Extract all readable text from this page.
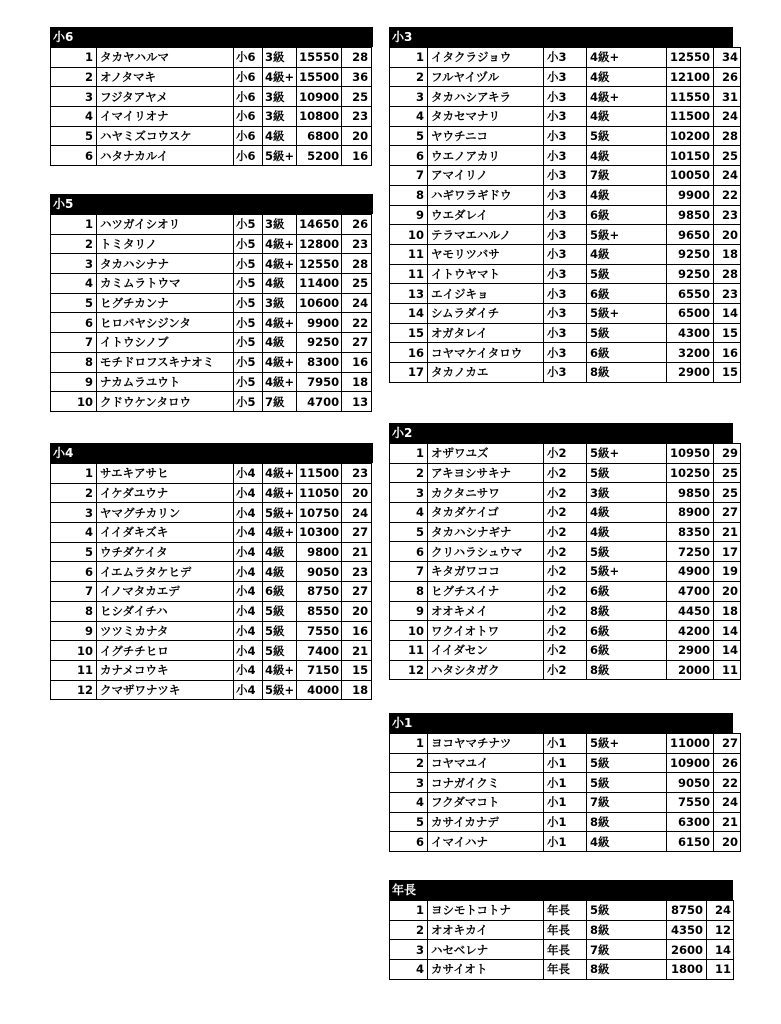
小6
1	タカヤハルマ	小6	3級	15550	28
2	オノタマキ	小6	4級+	15500	36
3	フジタアヤメ	小6	3級	10900	25
4	イマイリオナ	小6	3級	10800	23
5	ハヤミズコウスケ	小6	4級	6800	20
6	ハタナカルイ	小6	5級+	5200	16
小5
1	ハツガイシオリ	小5	3級	14650	26
2	トミタリノ	小5	4級+	12800	23
3	タカハシナナ	小5	4級+	12550	28
4	カミムラトウマ	小5	4級	11400	25
5	ヒグチカンナ	小5	3級	10600	24
6	ヒロバヤシジンタ	小5	4級+	9900	22
7	イトウシノブ	小5	4級	9250	27
8	モチドロフスキナオミ	小5	4級+	8300	16
9	ナカムラユウト	小5	4級+	7950	18
10	クドウケンタロウ	小5	7級	4700	13
小4
1	サエキアサヒ	小4	4級+	11500	23
2	イケダユウナ	小4	4級+	11050	20
3	ヤマグチカリン	小4	5級+	10750	24
4	イイダキズキ	小4	4級+	10300	27
5	ウチダケイタ	小4	4級	9800	21
6	イエムラタケヒデ	小4	4級	9050	23
7	イノマタカエデ	小4	6級	8750	27
8	ヒシダイチハ	小4	5級	8550	20
9	ツツミカナタ	小4	5級	7550	16
10	イグチチヒロ	小4	5級	7400	21
11	カナメコウキ	小4	4級+	7150	15
12	クマザワナツキ	小4	5級+	4000	18
小3
1	イタクラジョウ	小3	4級+	12550	34
2	フルヤイヅル	小3	4級	12100	26
3	タカハシアキラ	小3	4級+	11550	31
4	タカセマナリ	小3	4級	11500	24
5	ヤウチニコ	小3	5級	10200	28
6	ウエノアカリ	小3	4級	10150	25
7	アマイリノ	小3	7級	10050	24
8	ハギワラギドウ	小3	4級	9900	22
9	ウエダレイ	小3	6級	9850	23
10	テラマエハルノ	小3	5級+	9650	20
11	ヤモリツバサ	小3	4級	9250	18
11	イトウヤマト	小3	5級	9250	28
13	エイジキョ	小3	6級	6550	23
14	シムラダイチ	小3	5級+	6500	14
15	オガタレイ	小3	5級	4300	15
16	コヤマケイタロウ	小3	6級	3200	16
17	タカノカエ	小3	8級	2900	15
小2
1	オザワユズ	小2	5級+	10950	29
2	アキヨシサキナ	小2	5級	10250	25
3	カクタニサワ	小2	3級	9850	25
4	タカダケイゴ	小2	4級	8900	27
5	タカハシナギナ	小2	4級	8350	21
6	クリハラシュウマ	小2	5級	7250	17
7	キタガワココ	小2	5級+	4900	19
8	ヒグチスイナ	小2	6級	4700	20
9	オオキメイ	小2	8級	4450	18
10	ワクイオトワ	小2	6級	4200	14
11	イイダセン	小2	6級	2900	14
12	ハタシタガク	小2	8級	2000	11
小1
1	ヨコヤマチナツ	小1	5級+	11000	27
2	コヤマユイ	小1	5級	10900	26
3	コナガイクミ	小1	5級	9050	22
4	フクダマコト	小1	7級	7550	24
5	カサイカナデ	小1	8級	6300	21
6	イマイハナ	小1	4級	6150	20
年長
1	ヨシモトコトナ	年長	5級	8750	24
2	オオキカイ	年長	8級	4350	12
3	ハセベレナ	年長	7級	2600	14
4	カサイオト	年長	8級	1800	11
